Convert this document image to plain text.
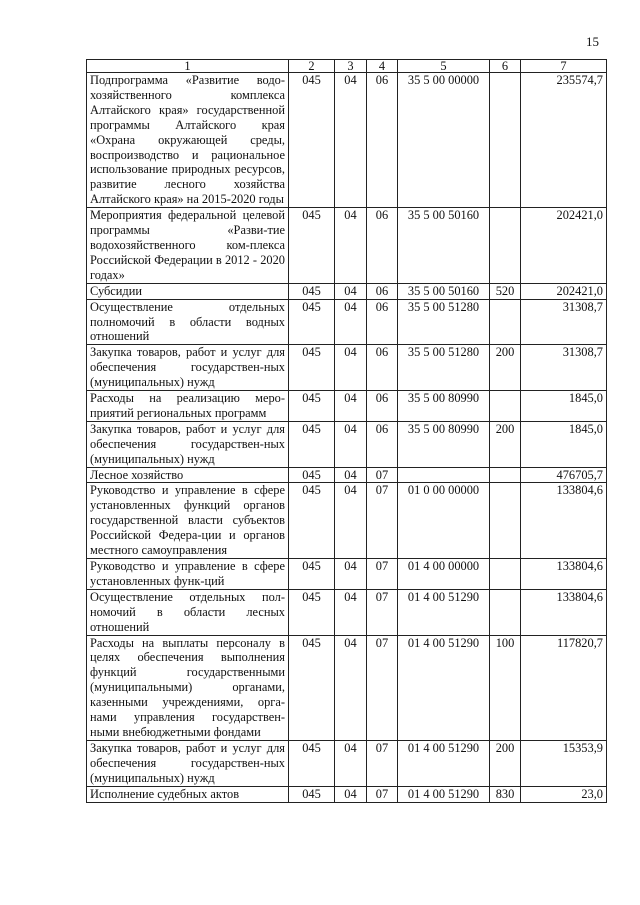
15
1	2	3	4	5	6	7
Подпрограмма «Развитие водо-хозяйственного комплекса Алтайского края» государственной программы Алтайского края «Охрана окружающей среды, воспроизводство и рациональное использование природных ресурсов, развитие лесного хозяйства Алтайского края» на 2015-2020 годы	045	04	06	35 5 00 00000		235574,7
Мероприятия федеральной целевой программы «Разви-тие водохозяйственного ком-плекса Российской Федерации в 2012 - 2020 годах»	045	04	06	35 5 00 50160		202421,0
Субсидии	045	04	06	35 5 00 50160	520	202421,0
Осуществление отдельных полномочий в области водных отношений	045	04	06	35 5 00 51280		31308,7
Закупка товаров, работ и услуг для обеспечения государствен-ных (муниципальных) нужд	045	04	06	35 5 00 51280	200	31308,7
Расходы на реализацию меро-приятий региональных программ	045	04	06	35 5 00 80990		1845,0
Закупка товаров, работ и услуг для обеспечения государствен-ных (муниципальных) нужд	045	04	06	35 5 00 80990	200	1845,0
Лесное хозяйство	045	04	07			476705,7
Руководство и управление в сфере установленных функций органов государственной власти субъектов Российской Федера-ции и органов местного самоуправления	045	04	07	01 0 00 00000		133804,6
Руководство и управление в сфере установленных функ-ций	045	04	07	01 4 00 00000		133804,6
Осуществление отдельных пол-номочий в области лесных отношений	045	04	07	01 4 00 51290		133804,6
Расходы на выплаты персоналу в целях обеспечения выполнения функций государственными (муниципальными) органами, казенными учреждениями, орга-нами управления государствен-ными внебюджетными фондами	045	04	07	01 4 00 51290	100	117820,7
Закупка товаров, работ и услуг для обеспечения государствен-ных (муниципальных) нужд	045	04	07	01 4 00 51290	200	15353,9
Исполнение судебных актов	045	04	07	01 4 00 51290	830	23,0
